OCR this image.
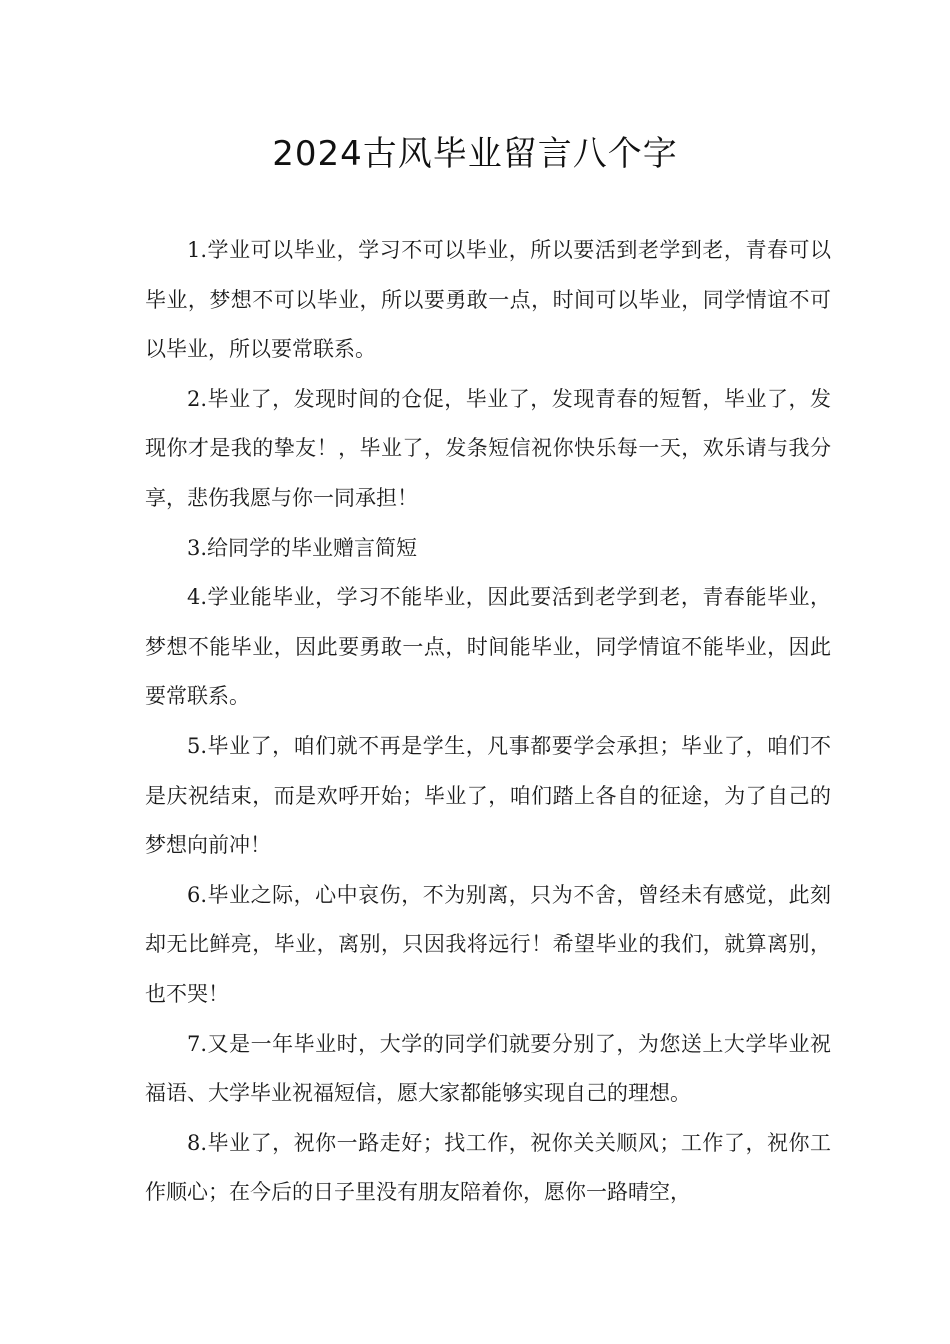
2024古风毕业留言八个字

1.学业可以毕业，学习不可以毕业，所以要活到老学到老，青春可以毕业，梦想不可以毕业，所以要勇敢一点，时间可以毕业，同学情谊不可以毕业，所以要常联系。

2.毕业了，发现时间的仓促，毕业了，发现青春的短暂，毕业了，发现你才是我的挚友！，毕业了，发条短信祝你快乐每一天，欢乐请与我分享，悲伤我愿与你一同承担！

3.给同学的毕业赠言简短

4.学业能毕业，学习不能毕业，因此要活到老学到老，青春能毕业，梦想不能毕业，因此要勇敢一点，时间能毕业，同学情谊不能毕业，因此要常联系。

5.毕业了，咱们就不再是学生，凡事都要学会承担；毕业了，咱们不是庆祝结束，而是欢呼开始；毕业了，咱们踏上各自的征途，为了自己的梦想向前冲！

6.毕业之际，心中哀伤，不为别离，只为不舍，曾经未有感觉，此刻却无比鲜亮，毕业，离别，只因我将远行！希望毕业的我们，就算离别，也不哭！

7.又是一年毕业时，大学的同学们就要分别了，为您送上大学毕业祝福语、大学毕业祝福短信，愿大家都能够实现自己的理想。

8.毕业了，祝你一路走好；找工作，祝你关关顺风；工作了，祝你工作顺心；在今后的日子里没有朋友陪着你，愿你一路晴空，
